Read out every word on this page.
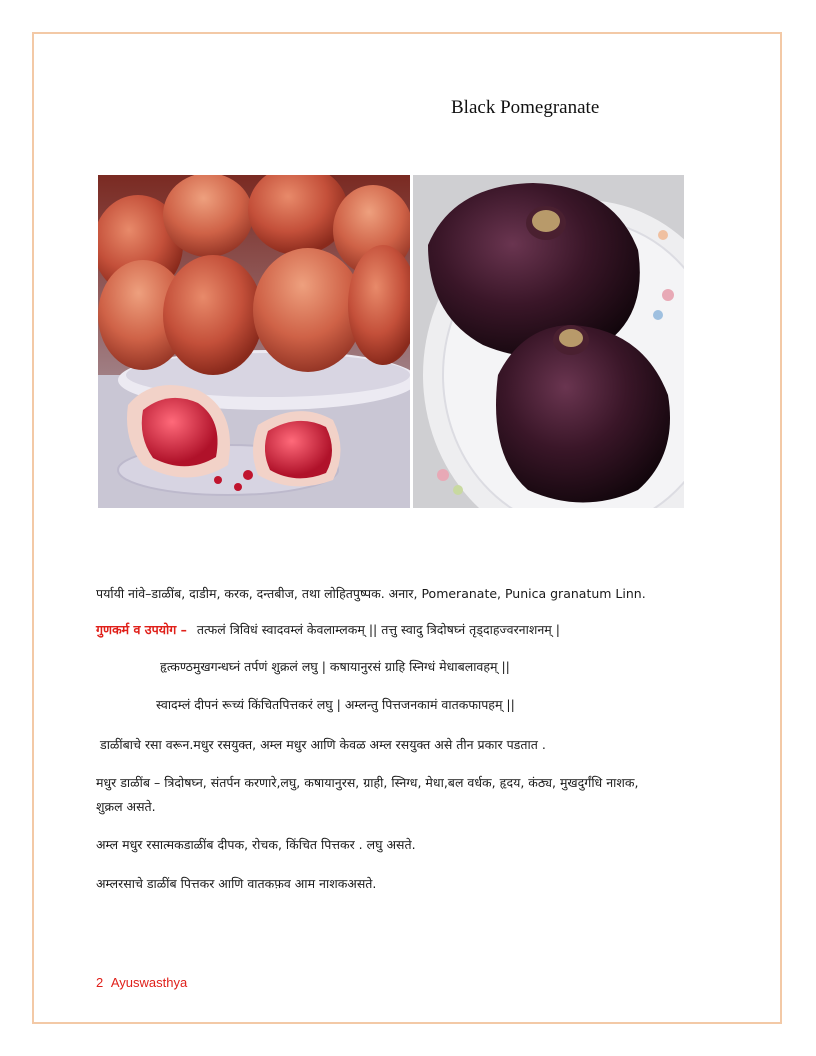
Black Pomegranate
पर्यायी नांवे–डाळींब, दाडीम, करक, दन्तबीज, तथा लोहितपुष्पक. अनार, Pomeranate, Punica granatum Linn.
गुणकर्म व उपयोग – तत्फलं त्रिविधं स्वादवम्लं केवलाम्लकम् || तत्तु स्वादु त्रिदोषघ्नं तृड्दाहज्वरनाशनम् |
हृत्कण्ठमुखगन्धघ्नं तर्पणं शुक्रलं लघु | कषायानुरसं ग्राहि स्निग्धं मेधाबलावहम् ||
स्वादम्लं दीपनं रूच्यं किंचितपित्तकरं लघु | अम्लन्तु पित्तजनकामं वातकफापहम् ||
डाळींबाचे रसा वरून.मधुर रसयुक्त, अम्ल मधुर आणि केवळ अम्ल रसयुक्त असे तीन प्रकार पडतात .
मधुर डाळींब – त्रिदोषघ्न, संतर्पन करणारे,लघु, कषायानुरस, ग्राही, स्निग्ध, मेधा,बल वर्धक, हृदय, कंठ्य, मुखदुर्गंधि नाशक,
शुक्रल असते.
अम्ल मधुर रसात्मकडाळींब दीपक, रोचक, किंचित पित्तकर . लघु असते.
अम्लरसाचे डाळींब पित्तकर आणि वातकफ़व आम नाशकअसते.
2 Ayuswasthya
